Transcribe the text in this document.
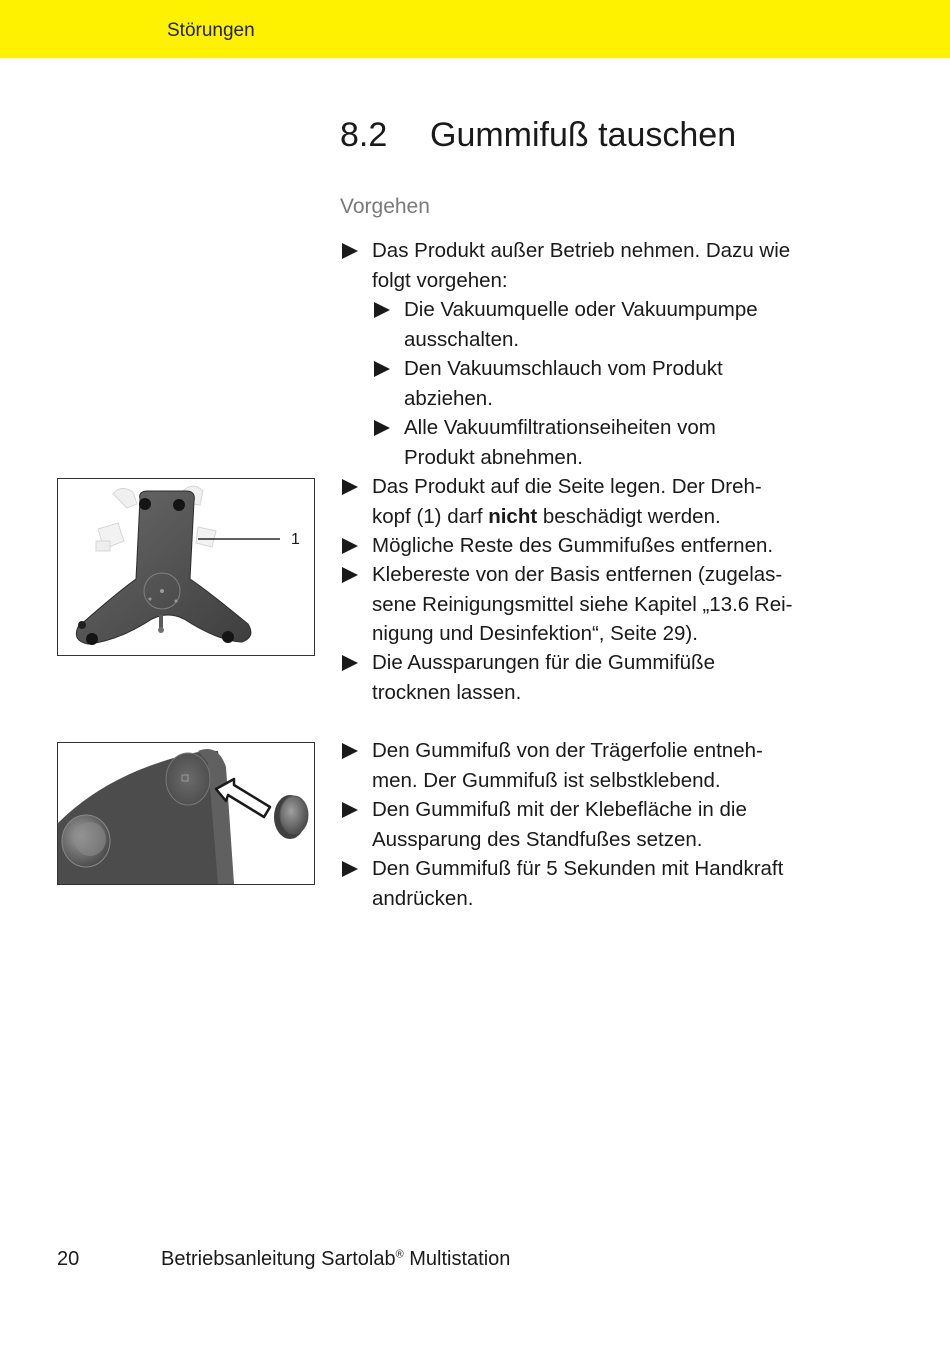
Störungen
8.2 Gummifuß tauschen
Vorgehen
Das Produkt außer Betrieb nehmen. Dazu wie
folgt vorgehen:
Die Vakuumquelle oder Vakuumpumpe
ausschalten.
Den Vakuumschlauch vom Produkt
abziehen.
Alle Vakuumfiltrationseiheiten vom
Produkt abnehmen.
Das Produkt auf die Seite legen. Der Dreh-
kopf (1) darf nicht beschädigt werden.
Mögliche Reste des Gummifußes entfernen.
Klebereste von der Basis entfernen (zugelas-
sene Reinigungsmittel siehe Kapitel „13.6 Rei-
nigung und Desinfektion“, Seite 29).
Die Aussparungen für die Gummifüße
trocknen lassen.
Den Gummifuß von der Trägerfolie entneh-
men. Der Gummifuß ist selbstklebend.
Den Gummifuß mit der Klebefläche in die
Aussparung des Standfußes setzen.
Den Gummifuß für 5 Sekunden mit Handkraft
andrücken.
1
20	Betriebsanleitung Sartolab® Multistation
